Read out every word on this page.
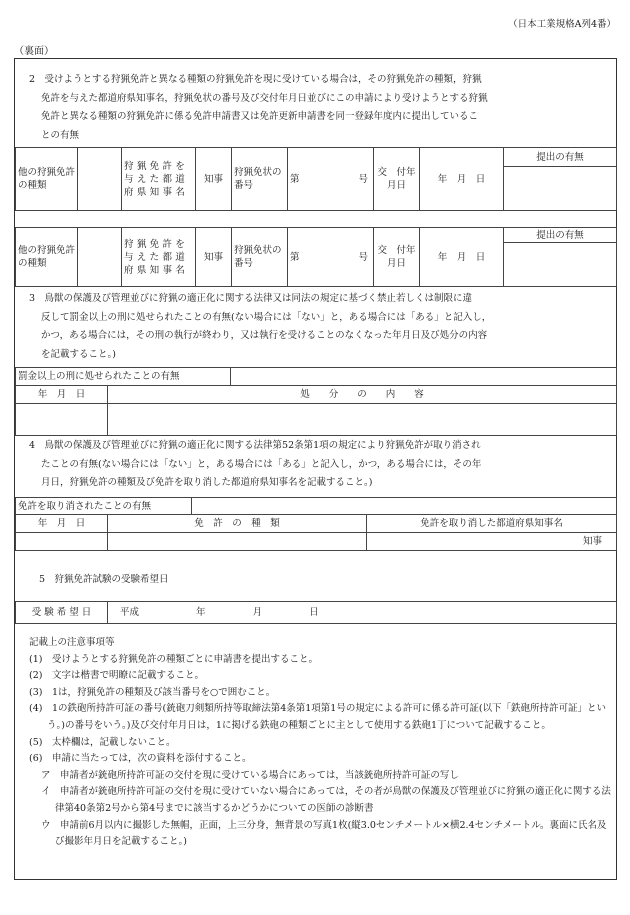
（日本工業規格A列4番）
（裏面）

2　受けようとする狩猟免許と異なる種類の狩猟免許を現に受けている場合は，その狩猟免許の種類，狩猟

免許を与えた都道府県知事名，狩猟免状の番号及び交付年月日並びにこの申請により受けようとする狩猟

免許と異なる種類の狩猟免許に係る免許申請書又は免許更新申請書を同一登録年度内に提出しているこ

との有無

他の狩猟免許の種類		狩猟免許を与えた都道府県知事名	知事	狩猟免状の番号	第	号	交　付年月日	年　月　日	提出の有無

他の狩猟免許の種類		狩猟免許を与えた都道府県知事名	知事	狩猟免状の番号	第	号	交　付年月日	年　月　日	提出の有無

3　鳥獣の保護及び管理並びに狩猟の適正化に関する法律又は同法の規定に基づく禁止若しくは制限に違

反して罰金以上の刑に処せられたことの有無(ない場合には「ない」と，ある場合には「ある」と記入し，

かつ，ある場合には，その刑の執行が終わり，又は執行を受けることのなくなった年月日及び処分の内容

を記載すること。)

罰金以上の刑に処せられたことの有無	
年　月　日	処　　分　　の　　内　　容

4　鳥獣の保護及び管理並びに狩猟の適正化に関する法律第52条第1項の規定により狩猟免許が取り消され

たことの有無(ない場合には「ない」と，ある場合には「ある」と記入し，かつ，ある場合には，その年

月日，狩猟免許の種類及び免許を取り消した都道府県知事名を記載すること。)

免許を取り消されたことの有無	
年　月　日	免　許　の　種　類	免許を取り消した都道府県知事名
		知事

5　狩猟免許試験の受験希望日

受 験 希 望 日	平成	年	月	日
記載上の注意事項等
(1)　受けようとする狩猟免許の種類ごとに申請書を提出すること。
(2)　文字は楷書で明瞭に記載すること。
(3)　1は，狩猟免許の種類及び該当番号を○で囲むこと。
(4)　1の鉄砲所持許可証の番号(銃砲刀剣類所持等取締法第4条第1項第1号の規定による許可に係る許可証(以下「鉄砲所持許可証」という。)の番号をいう。)及び交付年月日は，1に掲げる鉄砲の種類ごとに主として使用する鉄砲1丁について記載すること。
(5)　太枠欄は，記載しないこと。
(6)　申請に当たっては，次の資料を添付すること。
ア　申請者が銃砲所持許可証の交付を現に受けている場合にあっては，当該銃砲所持許可証の写し
イ　申請者が銃砲所持許可証の交付を現に受けていない場合にあっては，その者が鳥獣の保護及び管理並びに狩猟の適正化に関する法律第40条第2号から第4号までに該当するかどうかについての医師の診断書
ウ　申請前6月以内に撮影した無帽，正面，上三分身，無背景の写真1枚(縦3.0センチメートル×横2.4センチメートル。裏面に氏名及び撮影年月日を記載すること。)
